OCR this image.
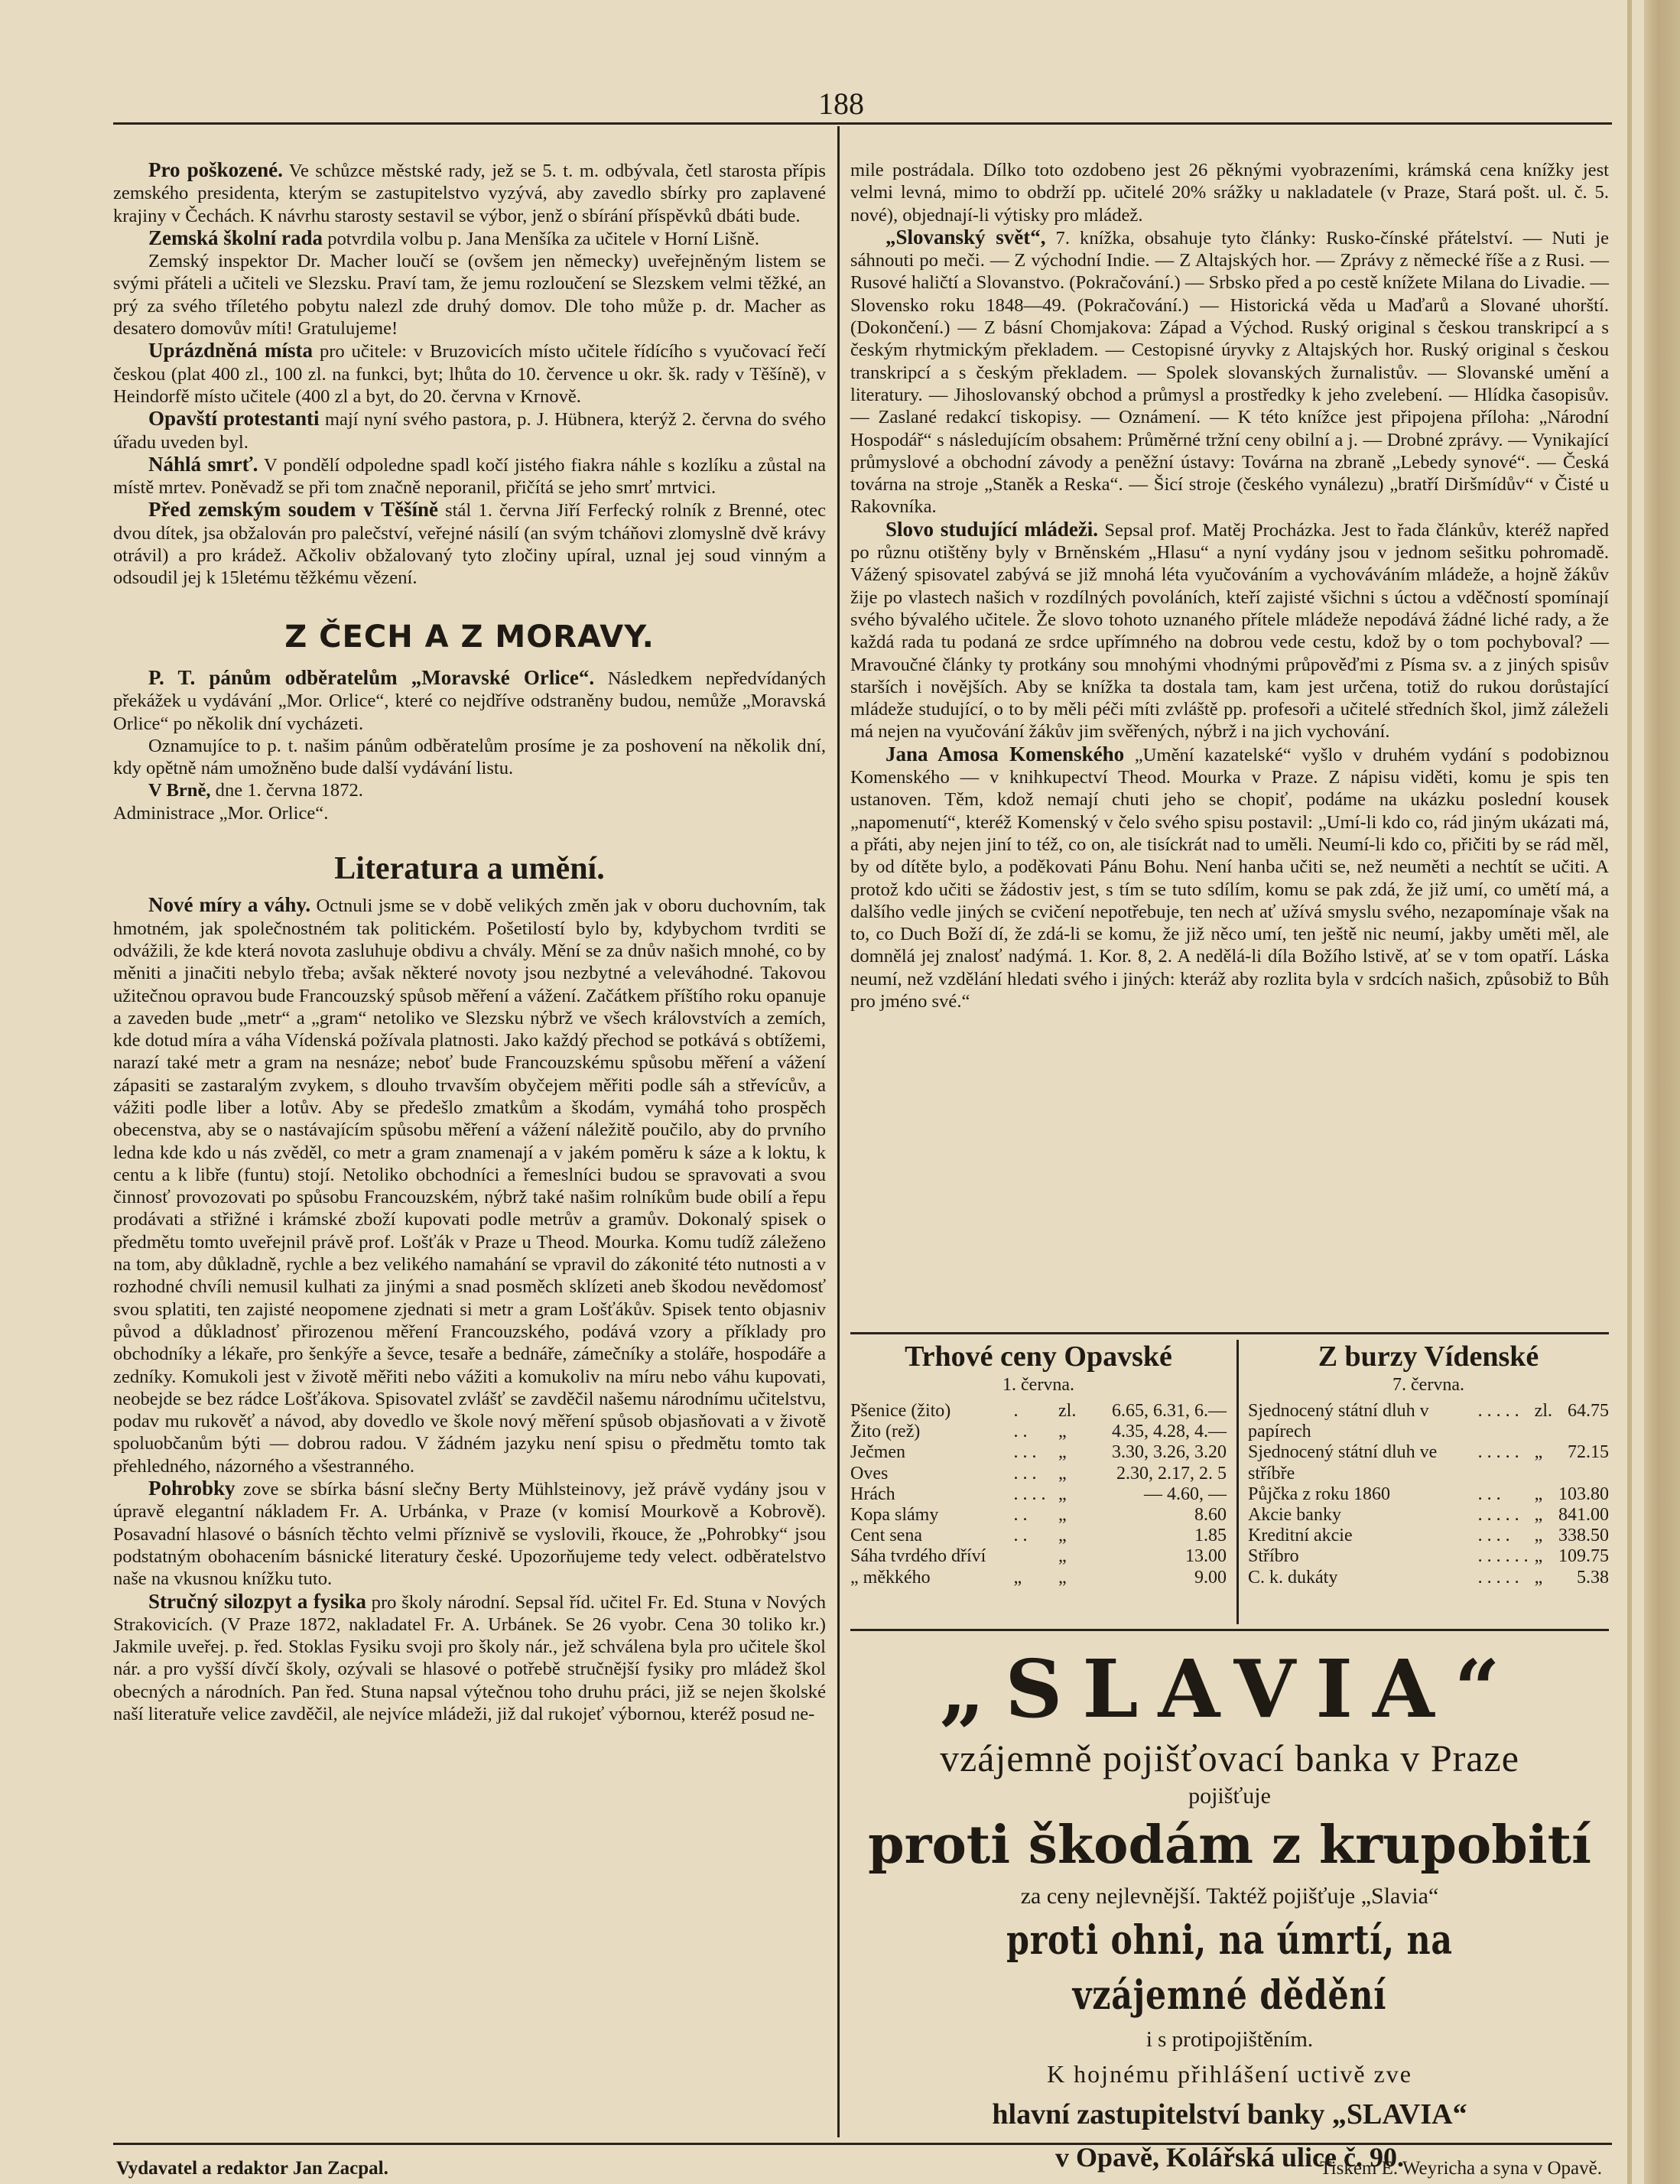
188

Pro poškozené. Ve schůzce městské rady, jež se 5. t. m. odbývala, četl starosta přípis zemského presidenta, kterým se zastupitelstvo vyzývá, aby zavedlo sbírky pro zaplavené krajiny v Čechách. K návrhu starosty sestavil se výbor, jenž o sbírání příspěvků dbáti bude.

Zemská školní rada potvrdila volbu p. Jana Menšíka za učitele v Horní Lišně.

Zemský inspektor Dr. Macher loučí se (ovšem jen německy) uveřejněným listem se svými přáteli a učiteli ve Slezsku. Praví tam, že jemu rozloučení se Slezskem velmi těžké, an prý za svého tříletého pobytu nalezl zde druhý domov. Dle toho může p. dr. Macher as desatero domovův míti! Gratulujeme!

Uprázdněná místa pro učitele: v Bruzovicích místo učitele řídícího s vyučovací řečí českou (plat 400 zl., 100 zl. na funkci, byt; lhůta do 10. července u okr. šk. rady v Těšíně), v Heindorfě místo učitele (400 zl a byt, do 20. června v Krnově.

Opavští protestanti mají nyní svého pastora, p. J. Hübnera, kterýž 2. června do svého úřadu uveden byl.

Náhlá smrť. V pondělí odpoledne spadl kočí jistého fiakra náhle s kozlíku a zůstal na místě mrtev. Poněvadž se při tom značně neporanil, přičítá se jeho smrť mrtvici.

Před zemským soudem v Těšíně stál 1. června Jiří Ferfecký rolník z Brenné, otec dvou dítek, jsa obžalován pro palečství, veřejné násilí (an svým tcháňovi zlomyslně dvě krávy otrávil) a pro krádež. Ačkoliv obžalovaný tyto zločiny upíral, uznal jej soud vinným a odsoudil jej k 15letému těžkému vězení.

Z ČECH A Z MORAVY.

P. T. pánům odběratelům „Moravské Orlice“. Následkem nepředvídaných překážek u vydávání „Mor. Orlice“, které co nejdříve odstraněny budou, nemůže „Moravská Orlice“ po několik dní vycházeti.

Oznamujíce to p. t. našim pánům odběratelům prosíme je za poshovení na několik dní, kdy opětně nám umožněno bude další vydávání listu.

V Brně, dne 1. června 1872.

Administrace „Mor. Orlice“.

Literatura a umění.

Nové míry a váhy. Octnuli jsme se v době velikých změn jak v oboru duchovním, tak hmotném, jak společnostném tak politickém. Pošetilostí bylo by, kdybychom tvrditi se odvážili, že kde která novota zasluhuje obdivu a chvály. Mění se za dnův našich mnohé, co by měniti a jinačiti nebylo třeba; avšak některé novoty jsou nezbytné a veleváhodné. Takovou užitečnou opravou bude Francouzský spůsob měření a vážení. Začátkem příštího roku opanuje a zaveden bude „metr“ a „gram“ netoliko ve Slezsku nýbrž ve všech královstvích a zemích, kde dotud míra a váha Vídenská požívala platnosti. Jako každý přechod se potkává s obtížemi, narazí také metr a gram na nesnáze; neboť bude Francouzskému spůsobu měření a vážení zápasiti se zastaralým zvykem, s dlouho trvavším obyčejem měřiti podle sáh a střevícův, a vážiti podle liber a lotův. Aby se předešlo zmatkům a škodám, vymáhá toho prospěch obecenstva, aby se o nastávajícím spůsobu měření a vážení náležitě poučilo, aby do prvního ledna kde kdo u nás zvěděl, co metr a gram znamenají a v jakém poměru k sáze a k loktu, k centu a k libře (funtu) stojí. Netoliko obchodníci a řemeslníci budou se spravovati a svou činnosť provozovati po spůsobu Francouzském, nýbrž také našim rolníkům bude obilí a řepu prodávati a střižné i krámské zboží kupovati podle metrův a gramův. Dokonalý spisek o předmětu tomto uveřejnil právě prof. Lošťák v Praze u Theod. Mourka. Komu tudíž záleženo na tom, aby důkladně, rychle a bez velikého namahání se vpravil do zákonité této nutnosti a v rozhodné chvíli nemusil kulhati za jinými a snad posměch sklízeti aneb škodou nevědomosť svou splatiti, ten zajisté neopomene zjednati si metr a gram Lošťákův. Spisek tento objasniv původ a důkladnosť přirozenou měření Francouzského, podává vzory a příklady pro obchodníky a lékaře, pro šenkýře a ševce, tesaře a bednáře, zámečníky a stoláře, hospodáře a zedníky. Komukoli jest v životě měřiti nebo vážiti a komukoliv na míru nebo váhu kupovati, neobejde se bez rádce Lošťákova. Spisovatel zvlášť se zavděčil našemu národnímu učitelstvu, podav mu rukověť a návod, aby dovedlo ve škole nový měření spůsob objasňovati a v životě spoluobčanům býti — dobrou radou. V žádném jazyku není spisu o předmětu tomto tak přehledného, názorného a všestranného.

Pohrobky zove se sbírka básní slečny Berty Mühlsteinovy, jež právě vydány jsou v úpravě elegantní nákladem Fr. A. Urbánka, v Praze (v komisí Mourkově a Kobrově). Posavadní hlasové o básních těchto velmi příznivě se vyslovili, řkouce, že „Pohrobky“ jsou podstatným obohacením básnické literatury české. Upozorňujeme tedy velect. odběratelstvo naše na vkusnou knížku tuto.

Stručný silozpyt a fysika pro školy národní. Sepsal říd. učitel Fr. Ed. Stuna v Nových Strakovicích. (V Praze 1872, nakladatel Fr. A. Urbánek. Se 26 vyobr. Cena 30 toliko kr.) Jakmile uveřej. p. řed. Stoklas Fysiku svoji pro školy nár., jež schválena byla pro učitele škol nár. a pro vyšší dívčí školy, ozývali se hlasové o potřebě stručnější fysiky pro mládež škol obecných a národních. Pan řed. Stuna napsal výtečnou toho druhu práci, již se nejen školské naší literatuře velice zavděčil, ale nejvíce mládeži, již dal rukojeť výbornou, kteréž posud ne-

mile postrádala. Dílko toto ozdobeno jest 26 pěknými vyobrazeními, krámská cena knížky jest velmi levná, mimo to obdrží pp. učitelé 20% srážky u nakladatele (v Praze, Stará pošt. ul. č. 5. nové), objednají-li výtisky pro mládež.

„Slovanský svět“, 7. knížka, obsahuje tyto články: Rusko-čínské přátelství. — Nuti je sáhnouti po meči. — Z východní Indie. — Z Altajských hor. — Zprávy z německé říše a z Rusi. — Rusové haličtí a Slovanstvo. (Pokračování.) — Srbsko před a po cestě knížete Milana do Livadie. — Slovensko roku 1848—49. (Pokračování.) — Historická věda u Maďarů a Slované uhorští. (Dokončení.) — Z básní Chomjakova: Západ a Východ. Ruský original s českou transkripcí a s českým rhytmickým překladem. — Cestopisné úryvky z Altajských hor. Ruský original s českou transkripcí a s českým překladem. — Spolek slovanských žurnalistův. — Slovanské umění a literatury. — Jihoslovanský obchod a průmysl a prostředky k jeho zvelebení. — Hlídka časopisův. — Zaslané redakcí tiskopisy. — Oznámení. — K této knížce jest připojena příloha: „Národní Hospodář“ s následujícím obsahem: Průměrné tržní ceny obilní a j. — Drobné zprávy. — Vynikající průmyslové a obchodní závody a peněžní ústavy: Továrna na zbraně „Lebedy synové“. — Česká továrna na stroje „Staněk a Reska“. — Šicí stroje (českého vynálezu) „bratří Diršmídův“ v Čisté u Rakovníka.

Slovo studující mládeži. Sepsal prof. Matěj Procházka. Jest to řada článkův, kteréž napřed po různu otištěny byly v Brněnském „Hlasu“ a nyní vydány jsou v jednom sešitku pohromadě. Vážený spisovatel zabývá se již mnohá léta vyučováním a vychováváním mládeže, a hojně žákův žije po vlastech našich v rozdílných povoláních, kteří zajisté všichni s úctou a vděčností spomínají svého bývalého učitele. Že slovo tohoto uznaného přítele mládeže nepodává žádné liché rady, a že každá rada tu podaná ze srdce upřímného na dobrou vede cestu, kdož by o tom pochyboval? — Mravoučné články ty protkány sou mnohými vhodnými průpověďmi z Písma sv. a z jiných spisův starších i novějších. Aby se knížka ta dostala tam, kam jest určena, totiž do rukou dorůstající mládeže studující, o to by měli péči míti zvláště pp. profesoři a učitelé středních škol, jimž záleželi má nejen na vyučování žákův jim svěřených, nýbrž i na jich vychování.

Jana Amosa Komenského „Umění kazatelské“ vyšlo v druhém vydání s podobiznou Komenského — v knihkupectví Theod. Mourka v Praze. Z nápisu viděti, komu je spis ten ustanoven. Těm, kdož nemají chuti jeho se chopiť, podáme na ukázku poslední kousek „napomenutí“, kteréž Komenský v čelo svého spisu postavil: „Umí-li kdo co, rád jiným ukázati má, a přáti, aby nejen jiní to též, co on, ale tisíckrát nad to uměli. Neumí-li kdo co, přičiti by se rád měl, by od dítěte bylo, a poděkovati Pánu Bohu. Není hanba učiti se, než neuměti a nechtít se učiti. A protož kdo učiti se žádostiv jest, s tím se tuto sdílím, komu se pak zdá, že již umí, co umětí má, a dalšího vedle jiných se cvičení nepotřebuje, ten nech ať užívá smyslu svého, nezapomínaje však na to, co Duch Boží dí, že zdá-li se komu, že již něco umí, ten ještě nic neumí, jakby uměti měl, ale domnělá jej znalosť nadýmá. 1. Kor. 8, 2. A nedělá-li díla Božího lstivě, ať se v tom opatří. Láska neumí, než vzdělání hledati svého i jiných: kteráž aby rozlita byla v srdcích našich, způsobiž to Bůh pro jméno své.“

Trhové ceny Opavské
1. června.
Pšenice (žito)	.	zl.	6.65, 6.31, 6.—
Žito (rež)	. .	„	4.35, 4.28, 4.—
Ječmen	. . .	„	3.30, 3.26, 3.20
Oves	. . .	„	2.30, 2.17, 2. 5
Hrách	. . . .	„	— 4.60, —
Kopa slámy	. .	„	8.60
Cent sena	. .	„	1.85
Sáha tvrdého dříví		„	13.00
„ měkkého	„	„	9.00
Z burzy Vídenské
7. června.
Sjednocený státní dluh v papírech	. . . . .	zl.	64.75
Sjednocený státní dluh ve stříbře	. . . . .	„	72.15
Půjčka z roku 1860	. . .	„	103.80
Akcie banky	. . . . .	„	841.00
Kreditní akcie	. . . .	„	338.50
Stříbro	. . . . . .	„	109.75
C. k. dukáty	. . . . .	„	5.38
„SLAVIA“
vzájemně pojišťovací banka v Praze
pojišťuje
proti škodám z krupobití
za ceny nejlevnější. Taktéž pojišťuje „Slavia“
proti ohni, na úmrtí, na vzájemné dědění
i s protipojištěním.
K hojnému přihlášení uctivě zve
hlavní zastupitelství banky „SLAVIA“
v Opavě, Kolářská ulice č. 90.
Vydavatel a redaktor Jan Zacpal.	Tiskem E. Weyricha a syna v Opavě.
